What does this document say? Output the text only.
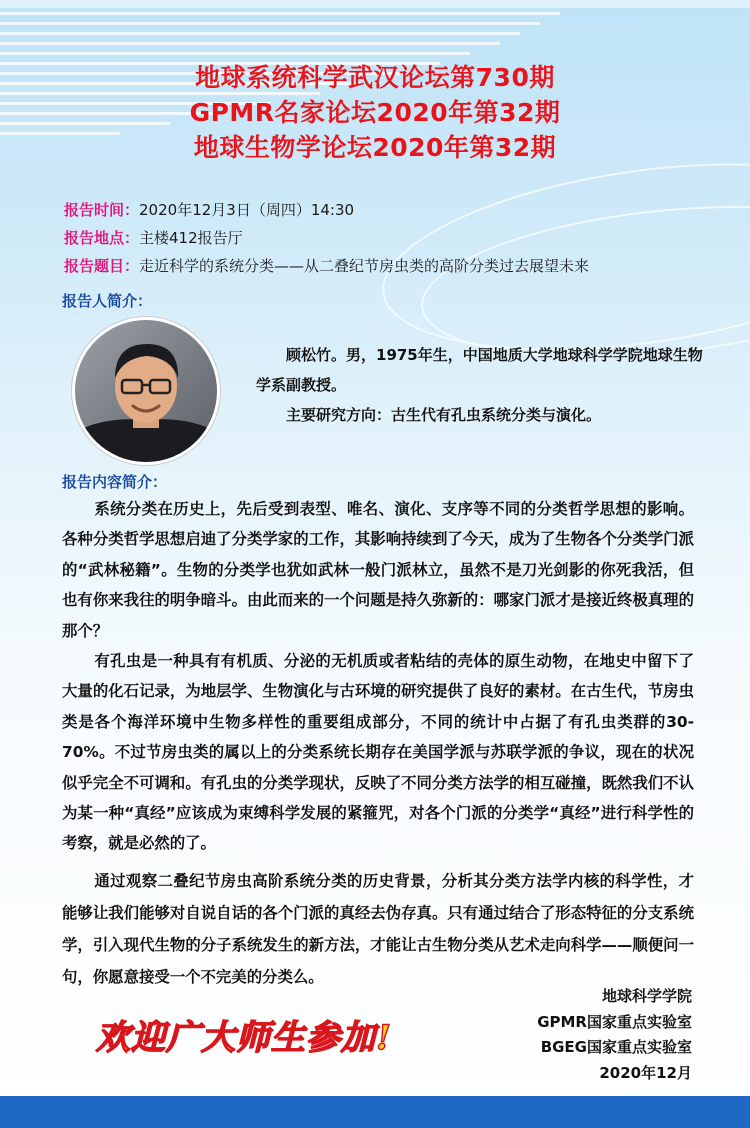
地球系统科学武汉论坛第730期
GPMR名家论坛2020年第32期
地球生物学论坛2020年第32期
报告时间：2020年12月3日（周四）14:30
报告地点：主楼412报告厅
报告题目：走近科学的系统分类——从二叠纪节房虫类的高阶分类过去展望未来
报告人简介：

顾松竹。男，1975年生，中国地质大学地球科学学院地球生物学系副教授。

主要研究方向：古生代有孔虫系统分类与演化。

报告内容简介：

系统分类在历史上，先后受到表型、唯名、演化、支序等不同的分类哲学思想的影响。各种分类哲学思想启迪了分类学家的工作，其影响持续到了今天，成为了生物各个分类学门派的“武林秘籍”。生物的分类学也犹如武林一般门派林立，虽然不是刀光剑影的你死我活，但也有你来我往的明争暗斗。由此而来的一个问题是持久弥新的：哪家门派才是接近终极真理的那个？

有孔虫是一种具有有机质、分泌的无机质或者粘结的壳体的原生动物，在地史中留下了大量的化石记录，为地层学、生物演化与古环境的研究提供了良好的素材。在古生代，节房虫类是各个海洋环境中生物多样性的重要组成部分，不同的统计中占据了有孔虫类群的30-70%。不过节房虫类的属以上的分类系统长期存在美国学派与苏联学派的争议，现在的状况似乎完全不可调和。有孔虫的分类学现状，反映了不同分类方法学的相互碰撞，既然我们不认为某一种“真经”应该成为束缚科学发展的紧箍咒，对各个门派的分类学“真经”进行科学性的考察，就是必然的了。

通过观察二叠纪节房虫高阶系统分类的历史背景，分析其分类方法学内核的科学性，才能够让我们能够对自说自话的各个门派的真经去伪存真。只有通过结合了形态特征的分支系统学，引入现代生物的分子系统发生的新方法，才能让古生物分类从艺术走向科学——顺便问一句，你愿意接受一个不完美的分类么。

欢迎广大师生参加!
地球科学学院
GPMR国家重点实验室
BGEG国家重点实验室
2020年12月
